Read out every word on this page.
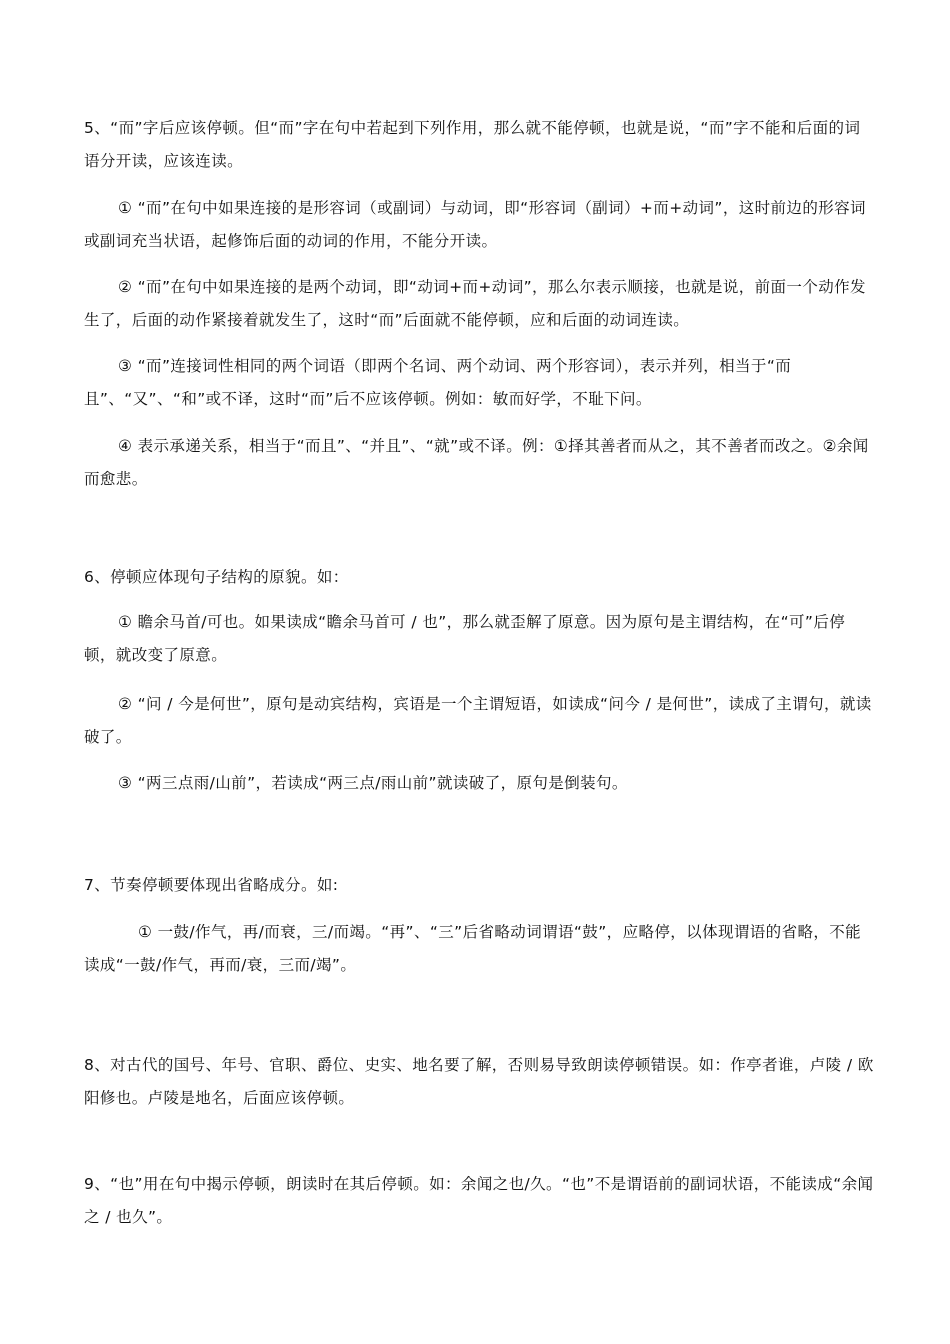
5、“而”字后应该停顿。但“而”字在句中若起到下列作用，那么就不能停顿，也就是说，“而”字不能和后面的词语分开读，应该连读。

① “而”在句中如果连接的是形容词（或副词）与动词，即“形容词（副词）+而+动词”，这时前边的形容词或副词充当状语，起修饰后面的动词的作用，不能分开读。

② “而”在句中如果连接的是两个动词，即“动词+而+动词”，那么尔表示顺接，也就是说，前面一个动作发生了，后面的动作紧接着就发生了，这时“而”后面就不能停顿，应和后面的动词连读。

③ “而”连接词性相同的两个词语（即两个名词、两个动词、两个形容词），表示并列，相当于“而且”、“又”、“和”或不译，这时“而”后不应该停顿。例如：敏而好学，不耻下问。

④ 表示承递关系，相当于“而且”、“并且”、“就”或不译。例：①择其善者而从之，其不善者而改之。②余闻而愈悲。

6、停顿应体现句子结构的原貌。如：

① 瞻余马首/可也。如果读成“瞻余马首可 / 也”，那么就歪解了原意。因为原句是主谓结构，在“可”后停顿，就改变了原意。

② “问 / 今是何世”，原句是动宾结构，宾语是一个主谓短语，如读成“问今 / 是何世”，读成了主谓句，就读破了。

③ “两三点雨/山前”，若读成“两三点/雨山前”就读破了，原句是倒装句。

7、节奏停顿要体现出省略成分。如:

① 一鼓/作气，再/而衰，三/而竭。“再”、“三”后省略动词谓语“鼓”，应略停，以体现谓语的省略，不能读成“一鼓/作气，再而/衰，三而/竭”。

8、对古代的国号、年号、官职、爵位、史实、地名要了解，否则易导致朗读停顿错误。如：作亭者谁，卢陵 / 欧阳修也。卢陵是地名，后面应该停顿。

9、“也”用在句中揭示停顿，朗读时在其后停顿。如：余闻之也/久。“也”不是谓语前的副词状语，不能读成“余闻之 / 也久”。
